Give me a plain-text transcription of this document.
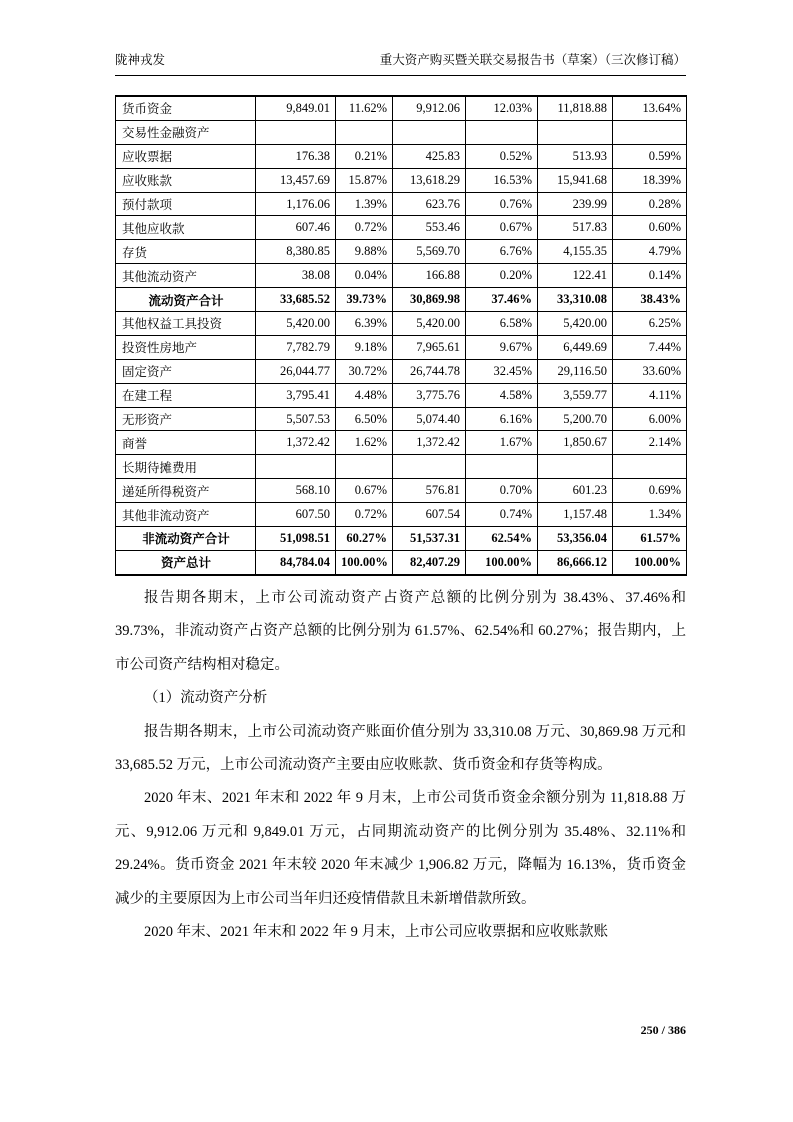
陇神戎发	重大资产购买暨关联交易报告书（草案）（三次修订稿）
货币资金	9,849.01	11.62%	9,912.06	12.03%	11,818.88	13.64%
交易性金融资产						
应收票据	176.38	0.21%	425.83	0.52%	513.93	0.59%
应收账款	13,457.69	15.87%	13,618.29	16.53%	15,941.68	18.39%
预付款项	1,176.06	1.39%	623.76	0.76%	239.99	0.28%
其他应收款	607.46	0.72%	553.46	0.67%	517.83	0.60%
存货	8,380.85	9.88%	5,569.70	6.76%	4,155.35	4.79%
其他流动资产	38.08	0.04%	166.88	0.20%	122.41	0.14%
流动资产合计	33,685.52	39.73%	30,869.98	37.46%	33,310.08	38.43%
其他权益工具投资	5,420.00	6.39%	5,420.00	6.58%	5,420.00	6.25%
投资性房地产	7,782.79	9.18%	7,965.61	9.67%	6,449.69	7.44%
固定资产	26,044.77	30.72%	26,744.78	32.45%	29,116.50	33.60%
在建工程	3,795.41	4.48%	3,775.76	4.58%	3,559.77	4.11%
无形资产	5,507.53	6.50%	5,074.40	6.16%	5,200.70	6.00%
商誉	1,372.42	1.62%	1,372.42	1.67%	1,850.67	2.14%
长期待摊费用						
递延所得税资产	568.10	0.67%	576.81	0.70%	601.23	0.69%
其他非流动资产	607.50	0.72%	607.54	0.74%	1,157.48	1.34%
非流动资产合计	51,098.51	60.27%	51,537.31	62.54%	53,356.04	61.57%
资产总计	84,784.04	100.00%	82,407.29	100.00%	86,666.12	100.00%

报告期各期末，上市公司流动资产占资产总额的比例分别为 38.43%、37.46%和 39.73%，非流动资产占资产总额的比例分别为 61.57%、62.54%和 60.27%；报告期内，上市公司资产结构相对稳定。

（1）流动资产分析

报告期各期末，上市公司流动资产账面价值分别为 33,310.08 万元、30,869.98 万元和 33,685.52 万元，上市公司流动资产主要由应收账款、货币资金和存货等构成。

2020 年末、2021 年末和 2022 年 9 月末，上市公司货币资金余额分别为 11,818.88 万元、9,912.06 万元和 9,849.01 万元，占同期流动资产的比例分别为 35.48%、32.11%和 29.24%。货币资金 2021 年末较 2020 年末减少 1,906.82 万元，降幅为 16.13%，货币资金减少的主要原因为上市公司当年归还疫情借款且未新增借款所致。

2020 年末、2021 年末和 2022 年 9 月末，上市公司应收票据和应收账款账

250 / 386
